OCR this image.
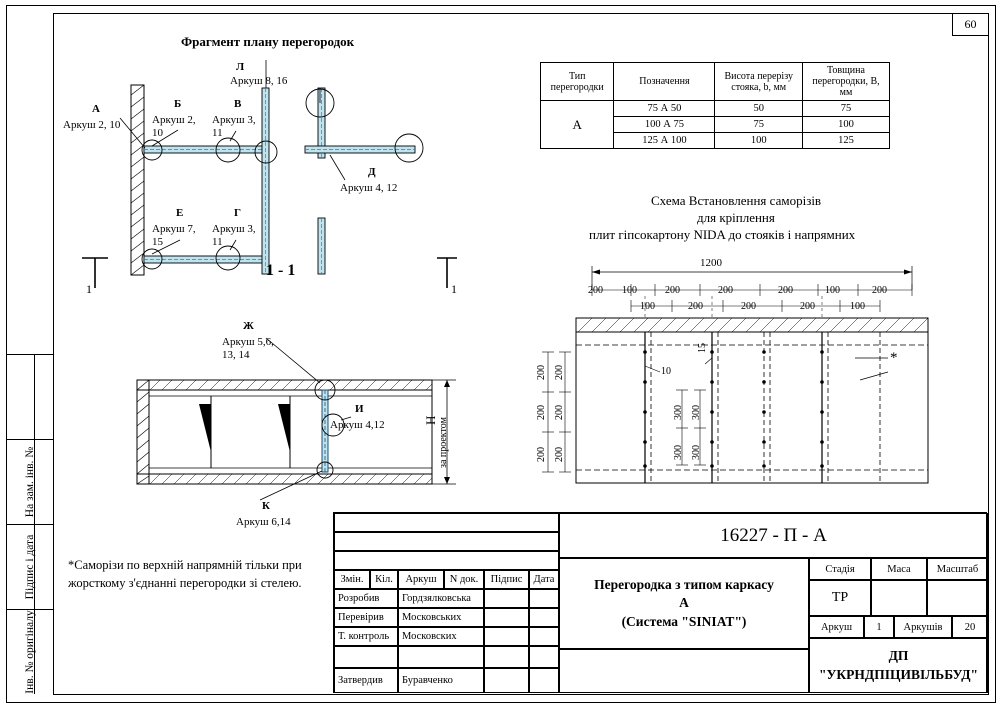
60
На зам. інв. №
Підпис і дата
Інв. № оригіналу
Фрагмент плану перегородок
Л
Аркуш 8, 16
А
Аркуш 2, 10
Б
Аркуш 2,
10
В
Аркуш 3,
11
Д
Аркуш 4, 12
Е
Аркуш 7,
15
Г
Аркуш 3,
11
1	1
1 - 1
Ж
Аркуш 5,6,
13, 14
И
Аркуш 4,12
К
Аркуш 6,14
Н за проектом
*Саморізи по верхній напрямній тільки при жорсткому з'єднанні перегородки зі стелею.
Тип перегородки	Позначення	Висота перерізу стояка, b, мм	Товщина перегородки, В, мм
А	75 А 50	50	75
	100 А 75	75	100
	125 А 100	100	125
Схема Встановлення саморізів
для кріплення
плит гіпсокартону NIDA до стояків і напрямних
1200
200 100	200	200	200	100	200
100	200	200	200	100
200
200
200
200
200
200
300
300
300
300
10
15
*
Змін.	Кіл.	Аркуш	N док.	Підпис	Дата
Розробив	Гордзялковська
Перевірив	Московських
Т. контроль	Московских
Затвердив	Буравченко
16227 - П - А
Перегородка з типом каркасу
А
(Система "SINIAT")
Стадія	Маса	Масштаб
ТР
Аркуш	1	Аркушів	20
ДП
"УКРНДПІЦИВІЛЬБУД"
